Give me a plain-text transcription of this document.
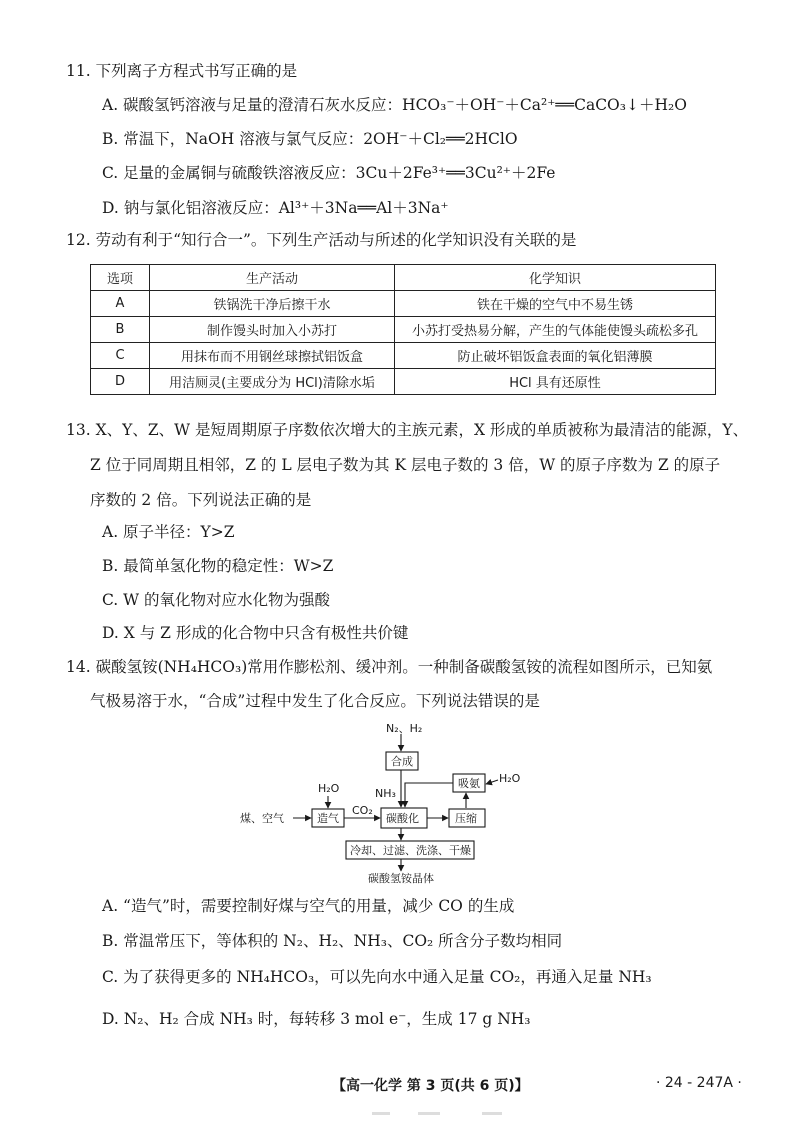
11. 下列离子方程式书写正确的是
A. 碳酸氢钙溶液与足量的澄清石灰水反应：HCO₃⁻＋OH⁻＋Ca²⁺══CaCO₃↓＋H₂O
B. 常温下，NaOH 溶液与氯气反应：2OH⁻＋Cl₂══2HClO
C. 足量的金属铜与硫酸铁溶液反应：3Cu＋2Fe³⁺══3Cu²⁺＋2Fe
D. 钠与氯化铝溶液反应：Al³⁺＋3Na══Al＋3Na⁺
12. 劳动有利于“知行合一”。下列生产活动与所述的化学知识没有关联的是
选项	生产活动	化学知识
A	铁锅洗干净后擦干水	铁在干燥的空气中不易生锈
B	制作馒头时加入小苏打	小苏打受热易分解，产生的气体能使馒头疏松多孔
C	用抹布而不用钢丝球擦拭铝饭盒	防止破坏铝饭盒表面的氧化铝薄膜
D	用洁厕灵(主要成分为 HCl)清除水垢	HCl 具有还原性
13. X、Y、Z、W 是短周期原子序数依次增大的主族元素，X 形成的单质被称为最清洁的能源，Y、
Z 位于同周期且相邻，Z 的 L 层电子数为其 K 层电子数的 3 倍，W 的原子序数为 Z 的原子
序数的 2 倍。下列说法正确的是
A. 原子半径：Y>Z
B. 最简单氢化物的稳定性：W>Z
C. W 的氧化物对应水化物为强酸
D. X 与 Z 形成的化合物中只含有极性共价键
14. 碳酸氢铵(NH₄HCO₃)常用作膨松剂、缓冲剂。一种制备碳酸氢铵的流程如图所示，已知氨
气极易溶于水，“合成”过程中发生了化合反应。下列说法错误的是
N₂、H₂
合成
NH₃
吸氨 H₂O
H₂O
煤、空气	造气
CO₂
碳酸化	压缩
冷却、过滤、洗涤、干燥
碳酸氢铵晶体
A. “造气”时，需要控制好煤与空气的用量，减少 CO 的生成
B. 常温常压下，等体积的 N₂、H₂、NH₃、CO₂ 所含分子数均相同
C. 为了获得更多的 NH₄HCO₃，可以先向水中通入足量 CO₂，再通入足量 NH₃
D. N₂、H₂ 合成 NH₃ 时，每转移 3 mol e⁻，生成 17 g NH₃
【高一化学 第 3 页(共 6 页)】	· 24 - 247A ·
